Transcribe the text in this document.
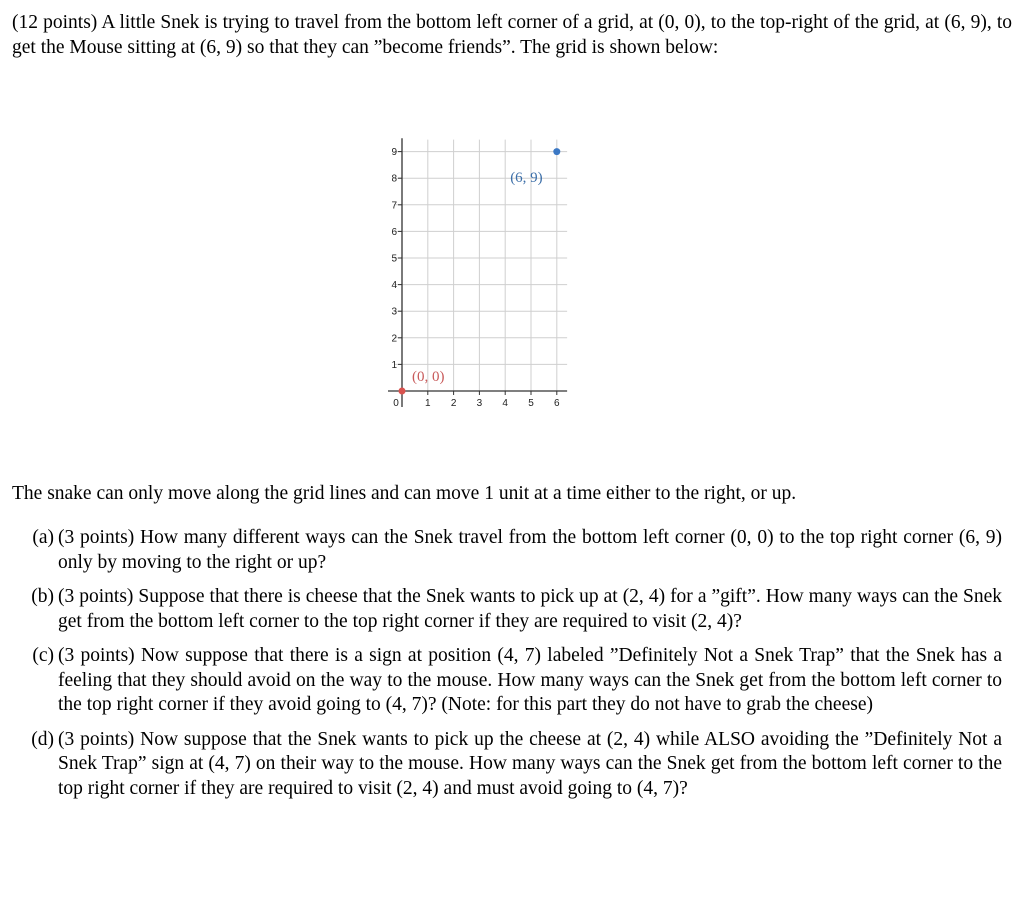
(12 points) A little Snek is trying to travel from the bottom left corner of a grid, at (0, 0), to the top-right of the grid, at (6, 9), to get the Mouse sitting at (6, 9) so that they can ”become friends”. The grid is shown below:
0	1 2 3 4 5 6
1
2
3
4
5
6
7
8
9
(0, 0)
(6, 9)
The snake can only move along the grid lines and can move 1 unit at a time either to the right, or up.
(a) (3 points) How many different ways can the Snek travel from the bottom left corner (0, 0) to the top right corner (6, 9) only by moving to the right or up?
(b) (3 points) Suppose that there is cheese that the Snek wants to pick up at (2, 4) for a ”gift”. How many ways can the Snek get from the bottom left corner to the top right corner if they are required to visit (2, 4)?
(c) (3 points) Now suppose that there is a sign at position (4, 7) labeled ”Definitely Not a Snek Trap” that the Snek has a feeling that they should avoid on the way to the mouse. How many ways can the Snek get from the bottom left corner to the top right corner if they avoid going to (4, 7)? (Note: for this part they do not have to grab the cheese)
(d) (3 points) Now suppose that the Snek wants to pick up the cheese at (2, 4) while ALSO avoiding the ”Definitely Not a Snek Trap” sign at (4, 7) on their way to the mouse. How many ways can the Snek get from the bottom left corner to the top right corner if they are required to visit (2, 4) and must avoid going to (4, 7)?
